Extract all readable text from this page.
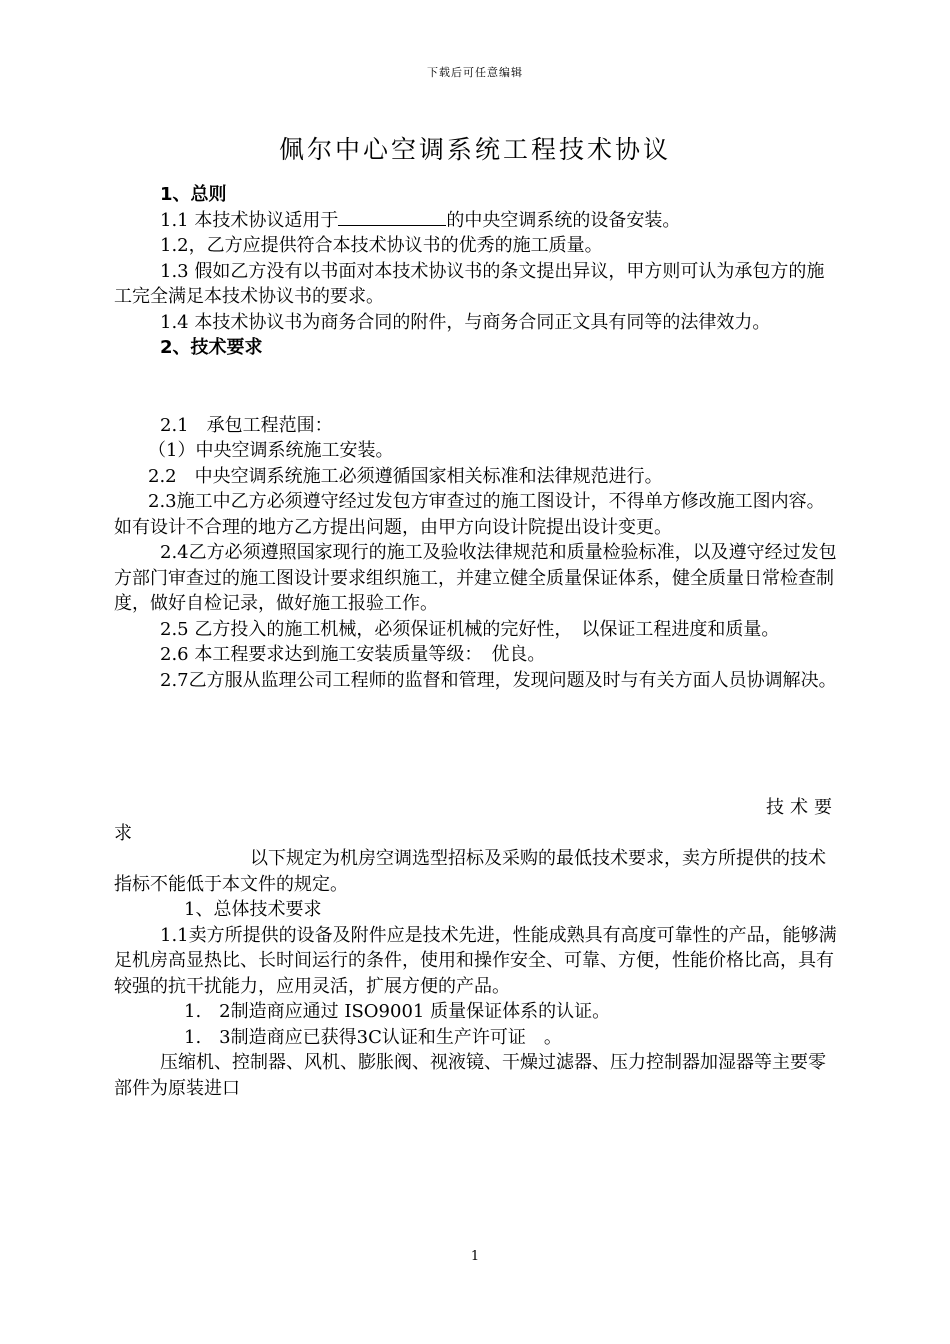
下载后可任意编辑
佩尔中心空调系统工程技术协议

1、总则

1.1 本技术协议适用于	的中央空调系统的设备安装。

1.2，乙方应提供符合本技术协议书的优秀的施工质量。

1.3 假如乙方没有以书面对本技术协议书的条文提出异议，甲方则可认为承包方的施工完全满足本技术协议书的要求。

1.4 本技术协议书为商务合同的附件，与商务合同正文具有同等的法律效力。

2、技术要求

2.1　承包工程范围：

（1）中央空调系统施工安装。

2.2　中央空调系统施工必须遵循国家相关标准和法律规范进行。

2.3施工中乙方必须遵守经过发包方审查过的施工图设计，不得单方修改施工图内容。如有设计不合理的地方乙方提出问题，由甲方向设计院提出设计变更。

2.4乙方必须遵照国家现行的施工及验收法律规范和质量检验标准，以及遵守经过发包方部门审查过的施工图设计要求组织施工，并建立健全质量保证体系，健全质量日常检查制度，做好自检记录，做好施工报验工作。

2.5 乙方投入的施工机械，必须保证机械的完好性，　以保证工程进度和质量。

2.6 本工程要求达到施工安装质量等级：　优良。

2.7乙方服从监理公司工程师的监督和管理，发现问题及时与有关方面人员协调解决。

技术要

求

以下规定为机房空调选型招标及采购的最低技术要求，卖方所提供的技术指标不能低于本文件的规定。

1、总体技术要求

1.1卖方所提供的设备及附件应是技术先进，性能成熟具有高度可靠性的产品，能够满足机房高显热比、长时间运行的条件，使用和操作安全、可靠、方便，性能价格比高，具有较强的抗干扰能力，应用灵活，扩展方便的产品。

1.　2制造商应通过 ISO9001 质量保证体系的认证。

1.　3制造商应已获得3C认证和生产许可证　。

压缩机、控制器、风机、膨胀阀、视液镜、干燥过滤器、压力控制器加湿器等主要零部件为原装进口

1
